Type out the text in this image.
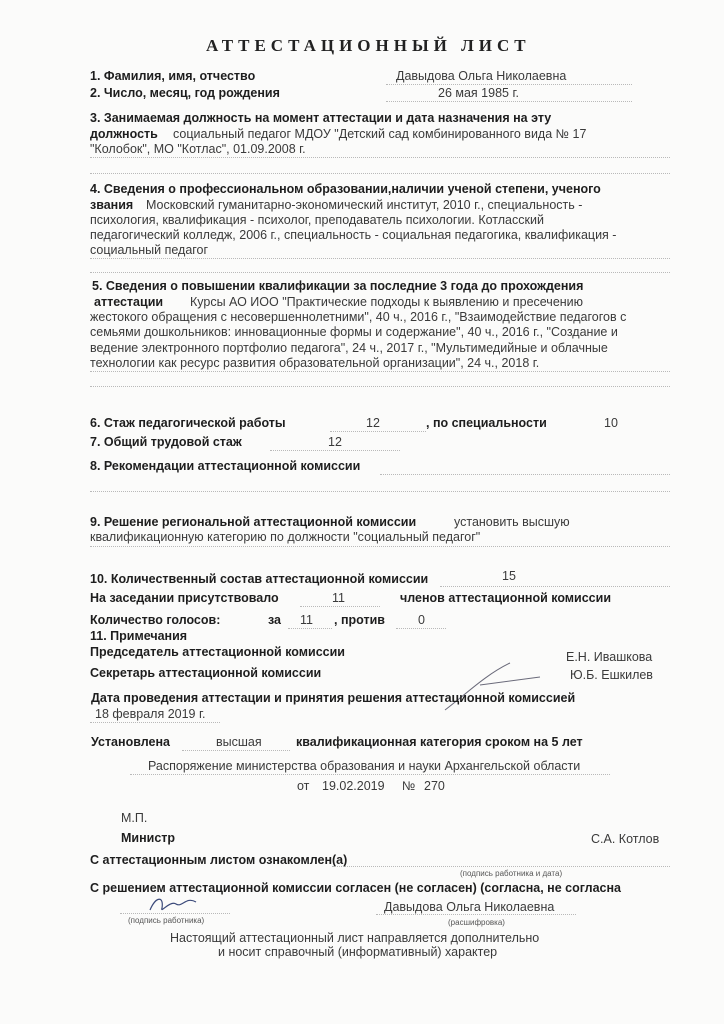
АТТЕСТАЦИОННЫЙ ЛИСТ
1. Фамилия, имя, отчество	Давыдова Ольга Николаевна
2. Число, месяц, год рождения	26 мая 1985 г.
3. Занимаемая должность на момент аттестации и дата назначения на эту
должность социальный педагог МДОУ "Детский сад комбинированного вида № 17
"Колобок", МО "Котлас", 01.09.2008 г.
4. Сведения о профессиональном образовании,наличии ученой степени, ученого
звания Московский гуманитарно-экономический институт, 2010 г., специальность -
психология, квалификация - психолог, преподаватель психологии. Котласский
педагогический колледж, 2006 г., специальность - социальная педагогика, квалификация -
социальный педагог
5. Сведения о повышении квалификации за последние 3 года до прохождения
аттестации Курсы АО ИОО "Практические подходы к выявлению и пресечению
жестокого обращения с несовершеннолетними", 40 ч., 2016 г., "Взаимодействие педагогов с
семьями дошкольников: инновационные формы и содержание", 40 ч., 2016 г., "Создание и
ведение электронного портфолио педагога", 24 ч., 2017 г., "Мультимедийные и облачные
технологии как ресурс развития образовательной организации", 24 ч., 2018 г.
6. Стаж педагогической работы	12	, по специальности	10
7. Общий трудовой стаж	12
8. Рекомендации аттестационной комиссии
9. Решение региональной аттестационной комиссии	установить высшую
квалификационную категорию по должности "социальный педагог"
10. Количественный состав аттестационной комиссии	15
На заседании присутствовало	11	членов аттестационной комиссии
Количество голосов:	за 11 , против	0
11. Примечания
Председатель аттестационной комиссии	Е.Н. Ивашкова
Секретарь аттестационной комиссии	Ю.Б. Ешкилев
Дата проведения аттестации и принятия решения аттестационной комиссией
18 февраля 2019 г.
Установлена	высшая	квалификационная категория сроком на 5 лет
Распоряжение министерства образования и науки Архангельской области
от 19.02.2019 № 270
М.П.
Министр	С.А. Котлов
С аттестационным листом ознакомлен(а)
(подпись работника и дата)
С решением аттестационной комиссии согласен (не согласен) (согласна, не согласна
(подпись работника)
Давыдова Ольга Николаевна
(расшифровка)
Настоящий аттестационный лист направляется дополнительно
и носит справочный (информативный) характер
